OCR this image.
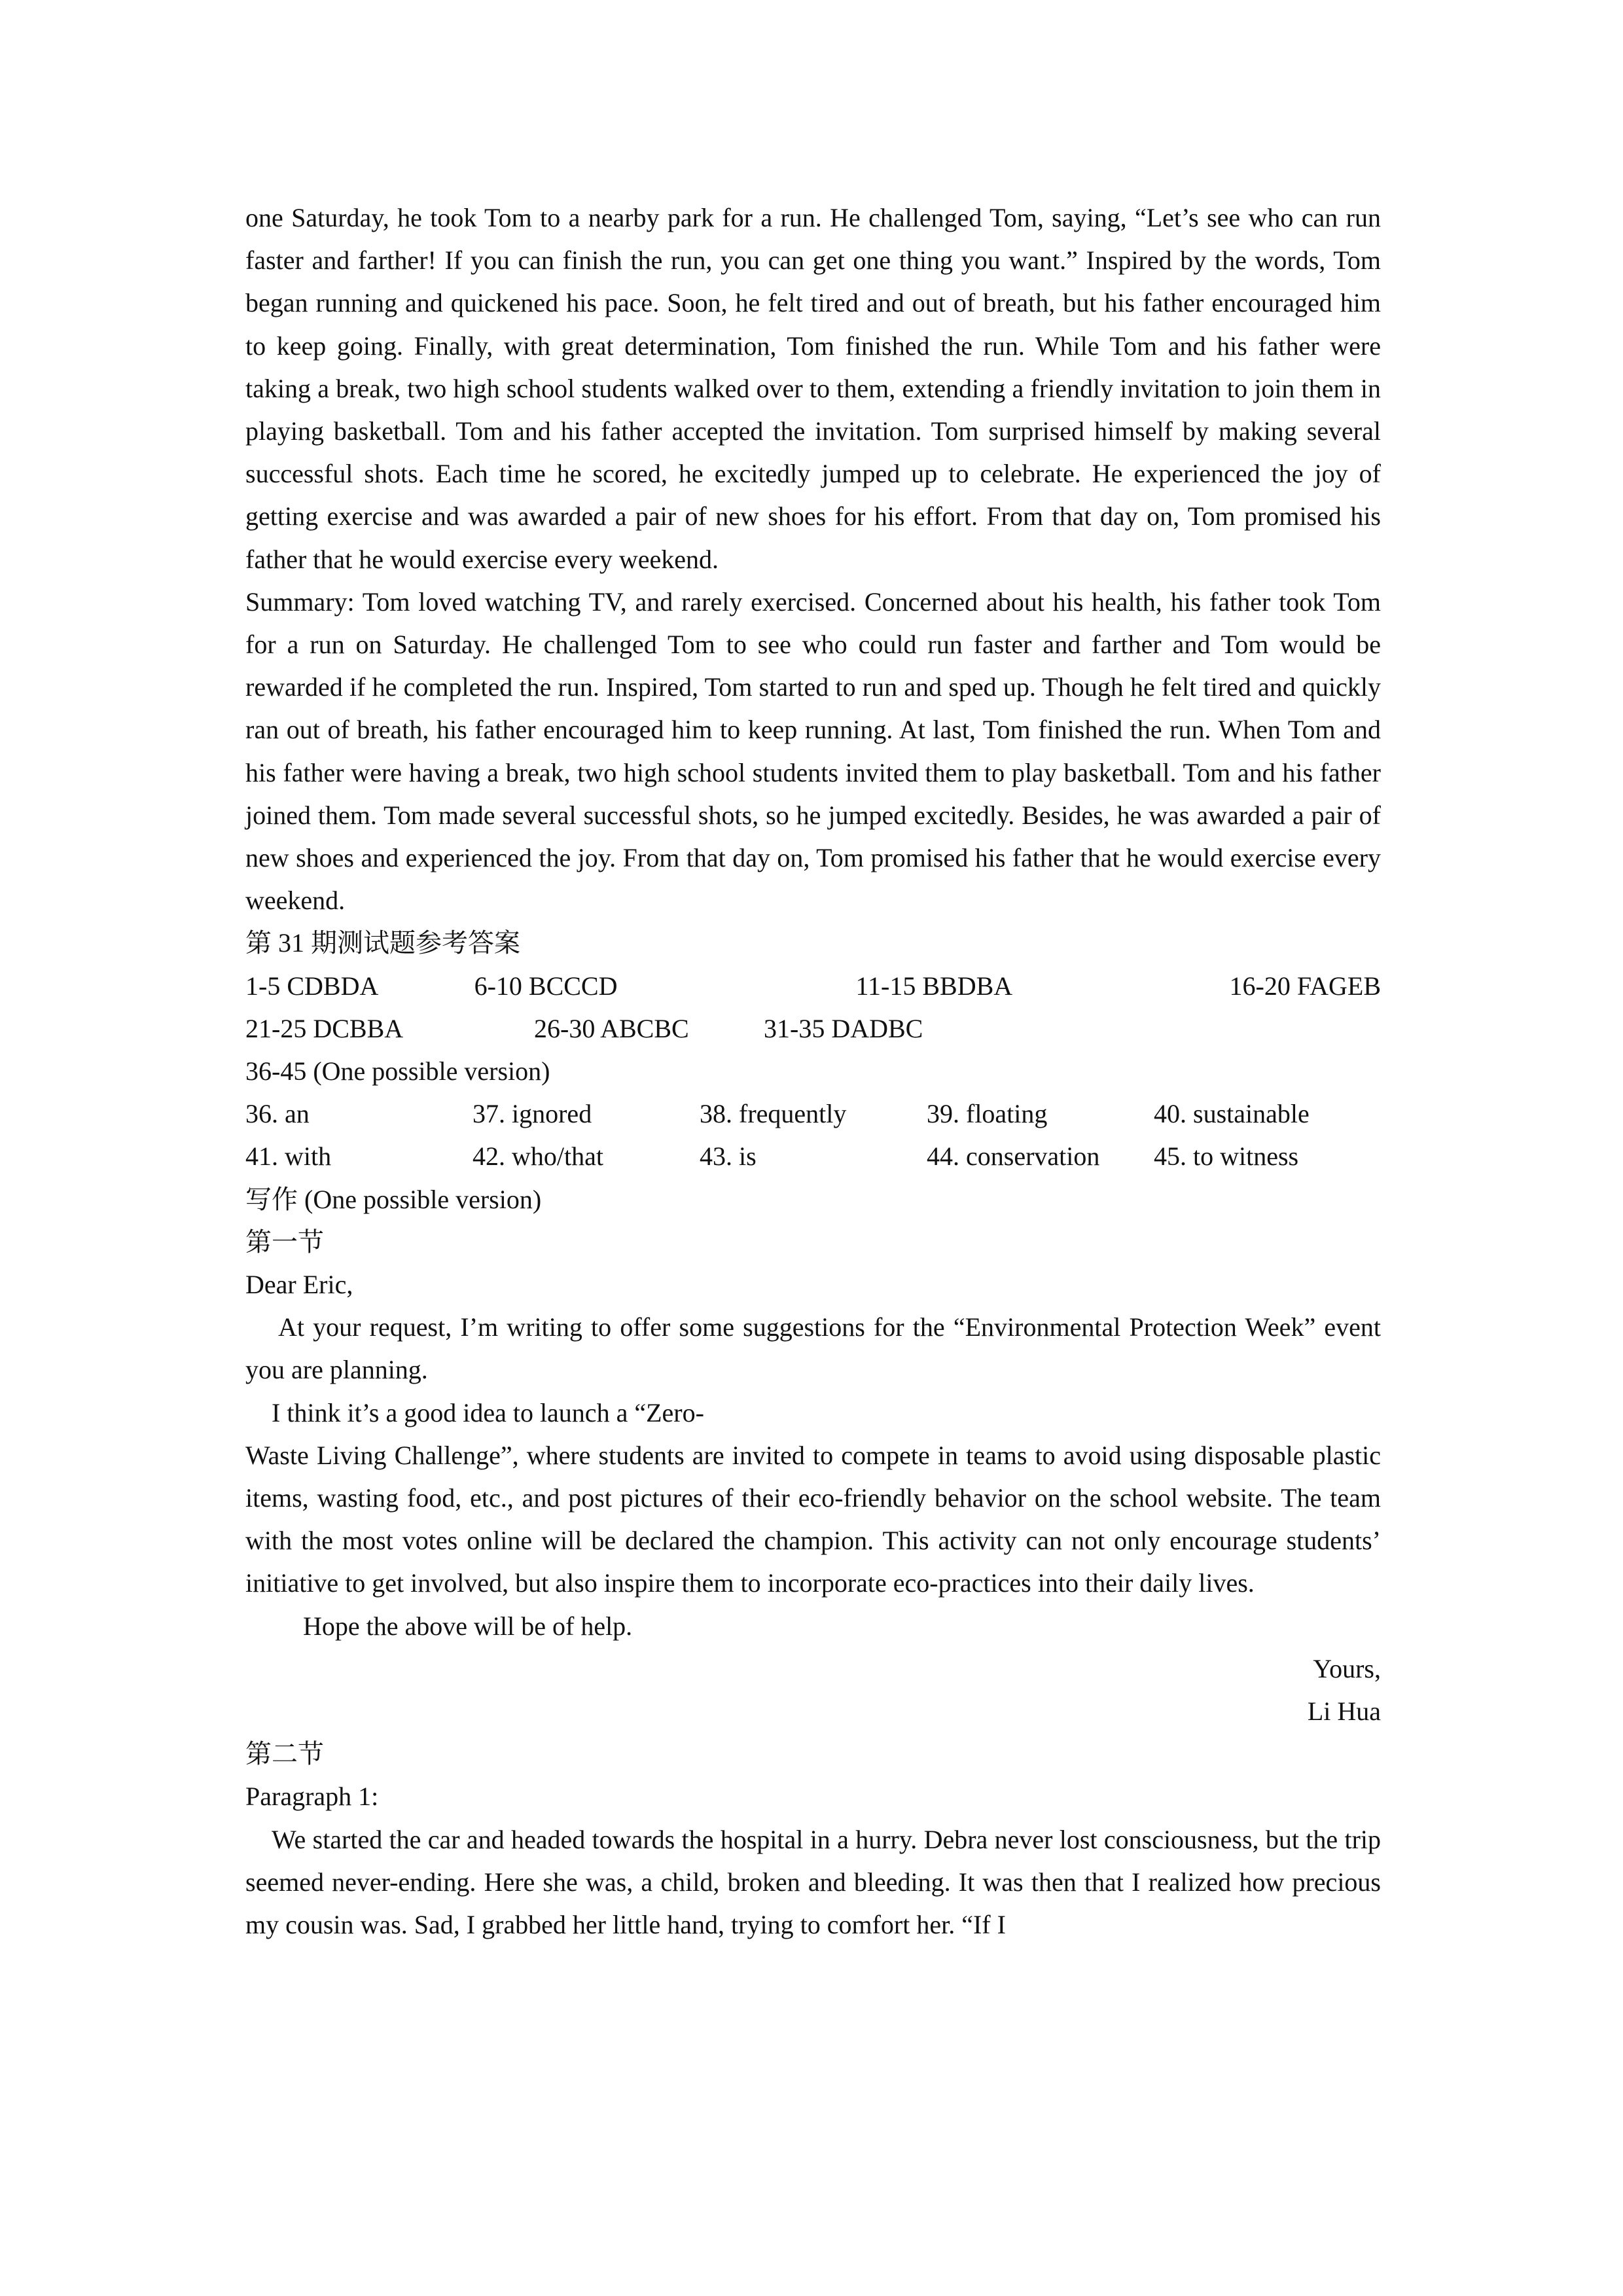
one Saturday, he took Tom to a nearby park for a run. He challenged Tom, saying, “Let’s see who can run faster and farther! If you can finish the run, you can get one thing you want.” Inspired by the words, Tom began running and quickened his pace. Soon, he felt tired and out of breath, but his father encouraged him to keep going. Finally, with great determination, Tom finished the run. While Tom and his father were taking a break, two high school students walked over to them, extending a friendly invitation to join them in playing basketball. Tom and his father accepted the invitation. Tom surprised himself by making several successful shots. Each time he scored, he excitedly jumped up to celebrate. He experienced the joy of getting exercise and was awarded a pair of new shoes for his effort. From that day on, Tom promised his father that he would exercise every weekend.

Summary: Tom loved watching TV, and rarely exercised. Concerned about his health, his father took Tom for a run on Saturday. He challenged Tom to see who could run faster and farther and Tom would be rewarded if he completed the run. Inspired, Tom started to run and sped up. Though he felt tired and quickly ran out of breath, his father encouraged him to keep running. At last, Tom finished the run. When Tom and his father were having a break, two high school students invited them to play basketball. Tom and his father joined them. Tom made several successful shots, so he jumped excitedly. Besides, he was awarded a pair of new shoes and experienced the joy. From that day on, Tom promised his father that he would exercise every weekend.

第 31 期测试题参考答案

1-5 CDBDA	6-10 BCCCD	11-15 BBDBA	16-20 FAGEB
21-25 DCBBA	26-30 ABCBC	31-35 DADBC

36-45 (One possible version)

36. an	37. ignored	38. frequently	39. floating	40. sustainable
41. with	42. who/that	43. is	44. conservation	45. to witness

写作 (One possible version)

第一节

Dear Eric,

At your request, I’m writing to offer some suggestions for the “Environmental Protection Week” event you are planning.

I think it’s a good idea to launch a “Zero-

Waste Living Challenge”, where students are invited to compete in teams to avoid using disposable plastic items, wasting food, etc., and post pictures of their eco-friendly behavior on the school website. The team with the most votes online will be declared the champion. This activity can not only encourage students’ initiative to get involved, but also inspire them to incorporate eco-practices into their daily lives.

Hope the above will be of help.

Yours,

Li Hua

第二节

Paragraph 1:

We started the car and headed towards the hospital in a hurry. Debra never lost consciousness, but the trip seemed never-ending. Here she was, a child, broken and bleeding. It was then that I realized how precious my cousin was. Sad, I grabbed her little hand, trying to comfort her. “If I
